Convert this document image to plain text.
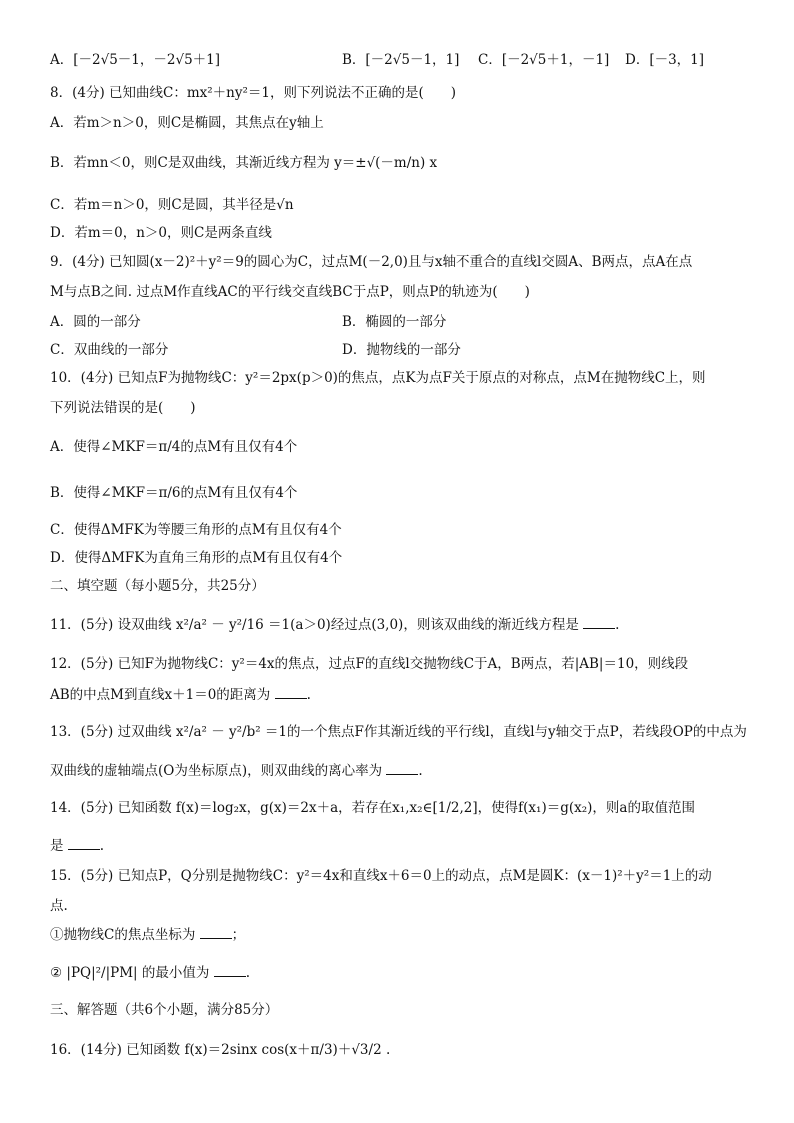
A．[－2√5－1，－2√5＋1]	B．[－2√5－1，1] C．[－2√5＋1，－1] D．[－3，1]
8．(4分) 已知曲线C：mx²＋ny²＝1，则下列说法不正确的是(　　)
A．若m＞n＞0，则C是椭圆，其焦点在y轴上
B．若mn＜0，则C是双曲线，其渐近线方程为 y＝±√(－m/n) x
C．若m＝n＞0，则C是圆，其半径是√n
D．若m＝0，n＞0，则C是两条直线
9．(4分) 已知圆(x－2)²＋y²＝9的圆心为C，过点M(－2,0)且与x轴不重合的直线l交圆A、B两点，点A在点
M与点B之间. 过点M作直线AC的平行线交直线BC于点P，则点P的轨迹为(　　)
A．圆的一部分	B．椭圆的一部分
C．双曲线的一部分	D．抛物线的一部分
10．(4分) 已知点F为抛物线C：y²＝2px(p＞0)的焦点，点K为点F关于原点的对称点，点M在抛物线C上，则
下列说法错误的是(　　)
A．使得∠MKF＝π/4的点M有且仅有4个
B．使得∠MKF＝π/6的点M有且仅有4个
C．使得ΔMFK为等腰三角形的点M有且仅有4个
D．使得ΔMFK为直角三角形的点M有且仅有4个
二、填空题（每小题5分，共25分）
11．(5分) 设双曲线 x²/a² － y²/16 ＝1(a＞0)经过点(3,0)，则该双曲线的渐近线方程是	.
12．(5分) 已知F为抛物线C：y²＝4x的焦点，过点F的直线l交抛物线C于A，B两点，若|AB|＝10，则线段
AB的中点M到直线x＋1＝0的距离为	.
13．(5分) 过双曲线 x²/a² － y²/b² ＝1的一个焦点F作其渐近线的平行线l，直线l与y轴交于点P，若线段OP的中点为
双曲线的虚轴端点(O为坐标原点)，则双曲线的离心率为	.
14．(5分) 已知函数 f(x)＝log₂x，g(x)＝2x＋a，若存在x₁,x₂∈[1/2,2]，使得f(x₁)＝g(x₂)，则a的取值范围
是	.
15．(5分) 已知点P，Q分别是抛物线C：y²＝4x和直线x＋6＝0上的动点，点M是圆K：(x－1)²＋y²＝1上的动
点.
①抛物线C的焦点坐标为	；
② |PQ|²/|PM| 的最小值为	.
三、解答题（共6个小题，满分85分）
16．(14分) 已知函数 f(x)＝2sinx cos(x＋π/3)＋√3/2 .
